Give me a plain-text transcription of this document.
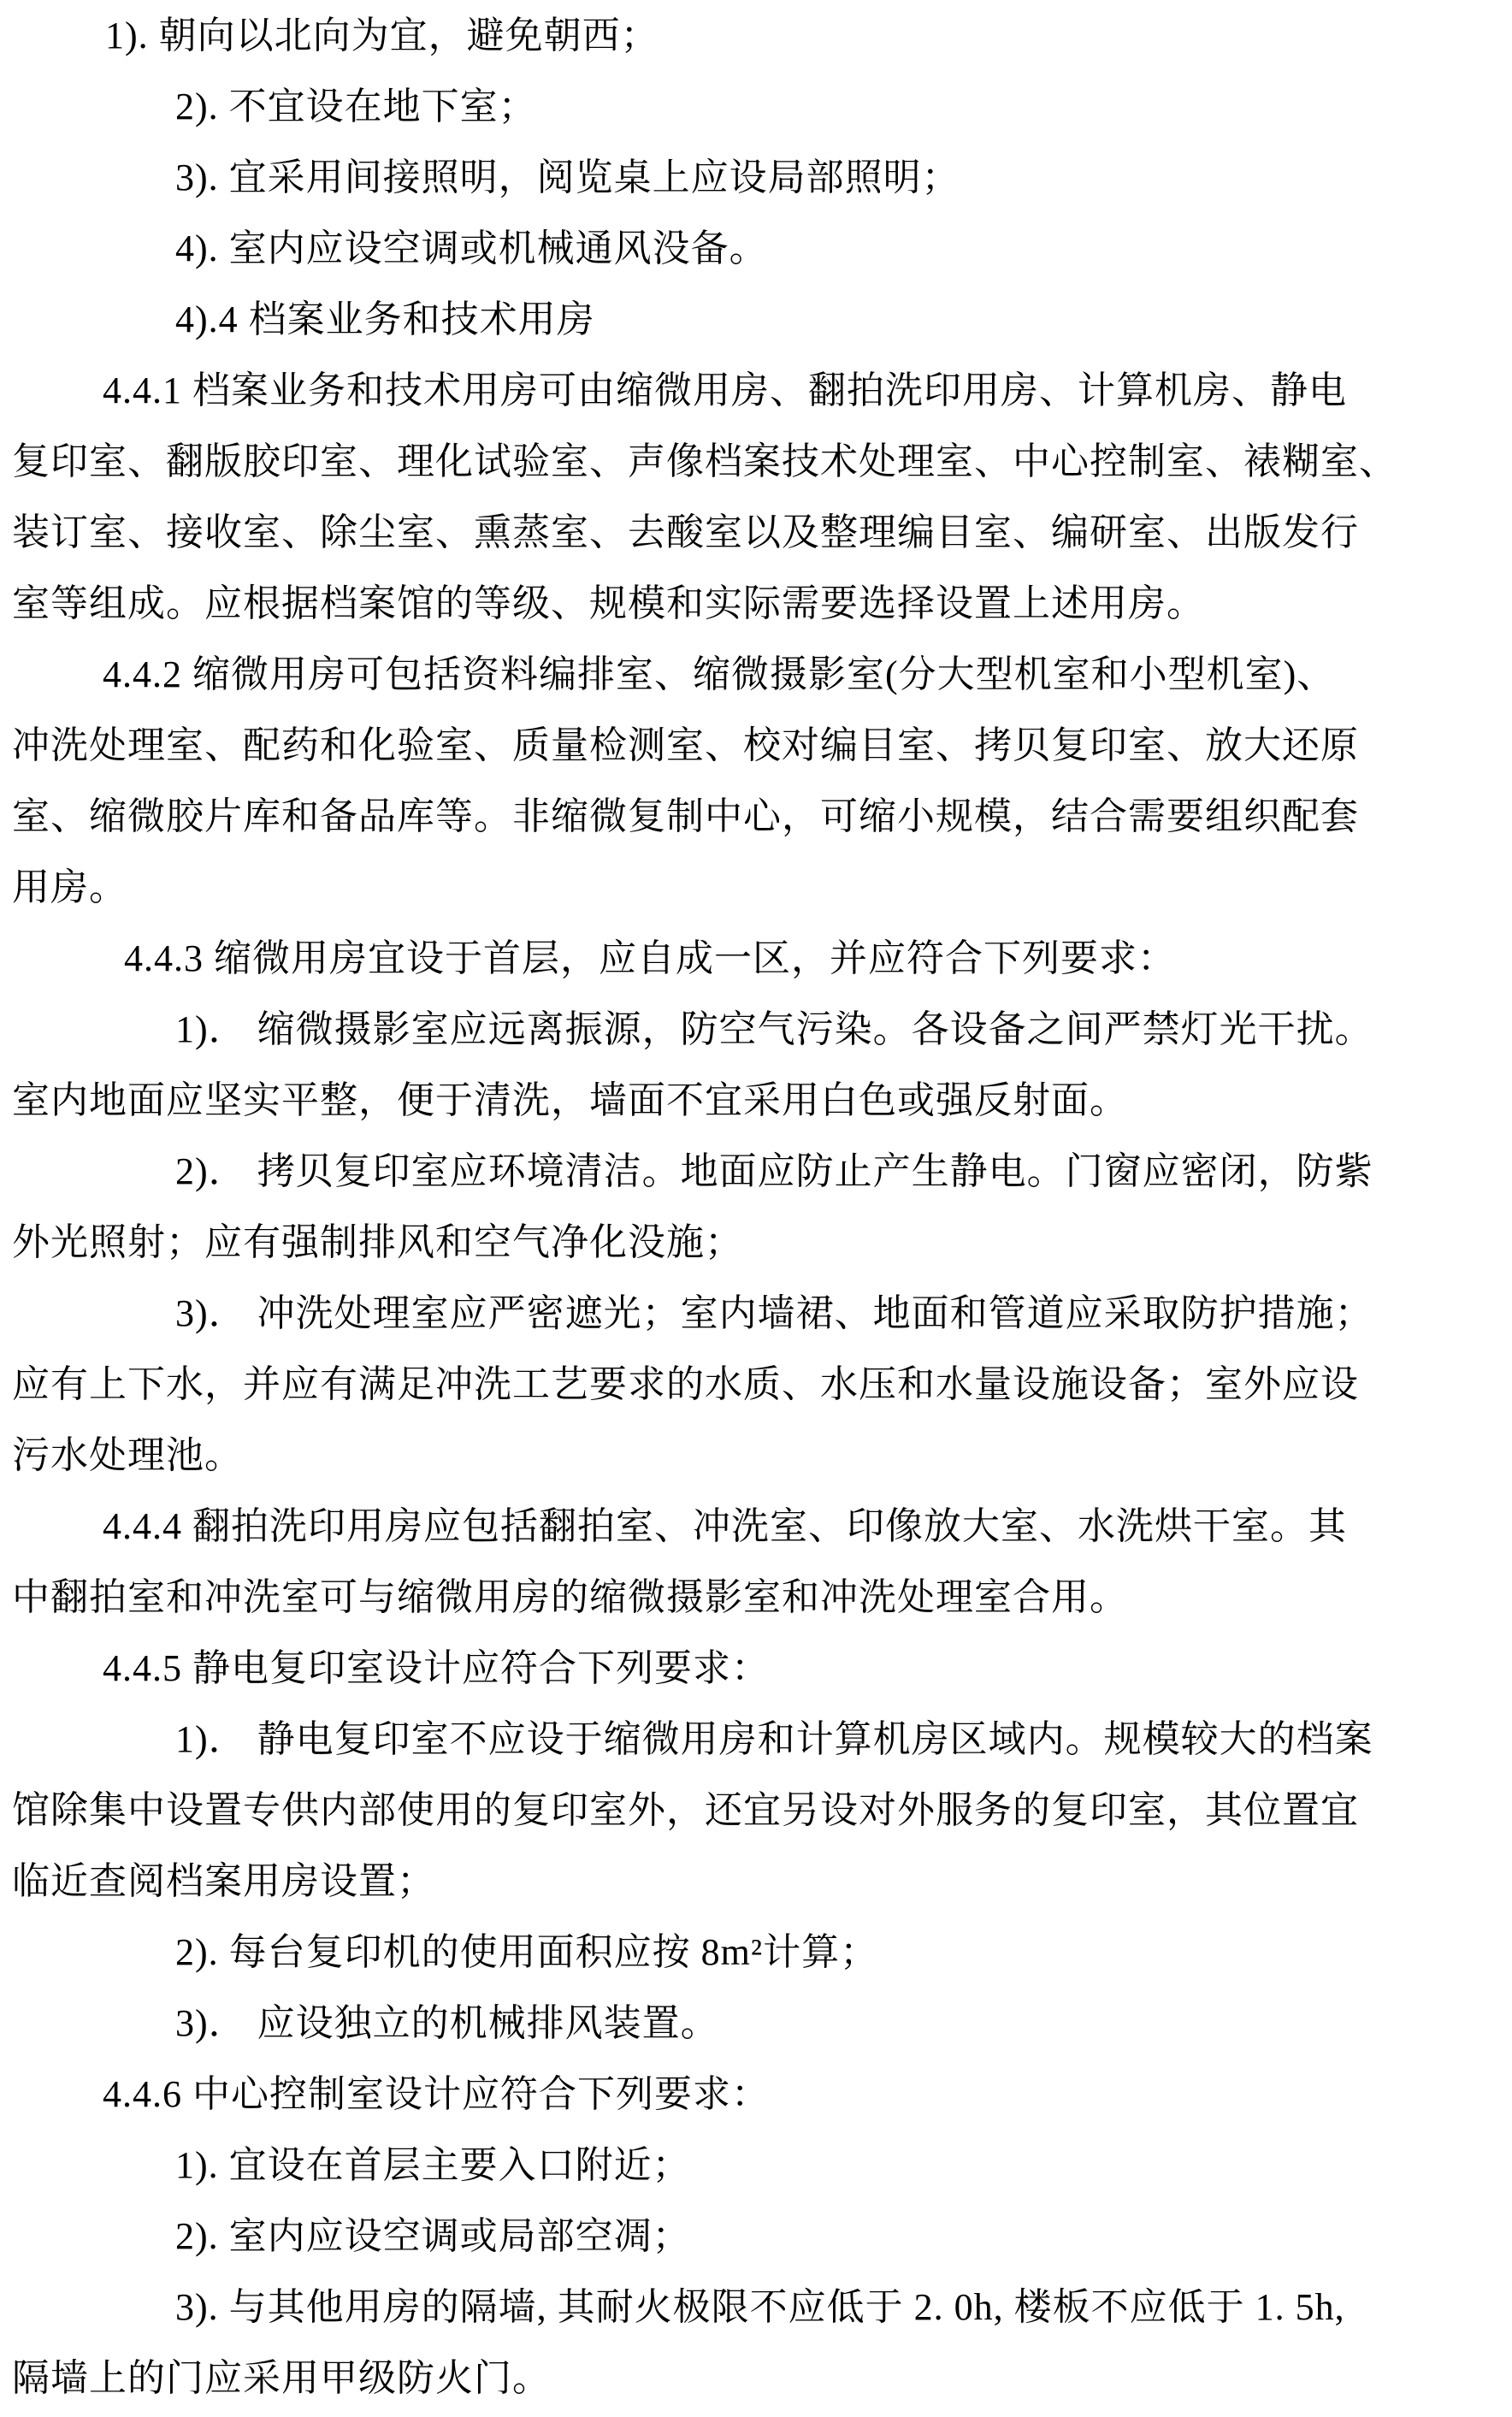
1). 朝向以北向为宜，避免朝西；
2). 不宜设在地下室；
3). 宜采用间接照明，阅览桌上应设局部照明；
4). 室内应设空调或机械通风没备。
4).4 档案业务和技术用房
4.4.1 档案业务和技术用房可由缩微用房、翻拍洗印用房、计算机房、静电
复印室、翻版胶印室、理化试验室、声像档案技术处理室、中心控制室、裱糊室、
装订室、接收室、除尘室、熏蒸室、去酸室以及整理编目室、编研室、出版发行
室等组成。应根据档案馆的等级、规模和实际需要选择设置上述用房。
4.4.2 缩微用房可包括资料编排室、缩微摄影室(分大型机室和小型机室)、
冲洗处理室、配药和化验室、质量检测室、校对编目室、拷贝复印室、放大还原
室、缩微胶片库和备品库等。非缩微复制中心，可缩小规模，结合需要组织配套
用房。
4.4.3 缩微用房宜设于首层，应自成一区，并应符合下列要求：
1)． 缩微摄影室应远离振源，防空气污染。各设备之间严禁灯光干扰。
室内地面应坚实平整，便于清洗，墙面不宜采用白色或强反射面。
2)． 拷贝复印室应环境清洁。地面应防止产生静电。门窗应密闭，防紫
外光照射；应有强制排风和空气净化没施；
3)． 冲洗处理室应严密遮光；室内墙裙、地面和管道应采取防护措施；
应有上下水，并应有满足冲洗工艺要求的水质、水压和水量设施设备；室外应设
污水处理池。
4.4.4 翻拍洗印用房应包括翻拍室、冲洗室、印像放大室、水洗烘干室。其
中翻拍室和冲洗室可与缩微用房的缩微摄影室和冲洗处理室合用。
4.4.5 静电复印室设计应符合下列要求：
1)． 静电复印室不应设于缩微用房和计算机房区域内。规模较大的档案
馆除集中设置专供内部使用的复印室外，还宜另设对外服务的复印室，其位置宜
临近查阅档案用房设置；
2). 每台复印机的使用面积应按 8m²计算；
3)． 应设独立的机械排风装置。
4.4.6 中心控制室设计应符合下列要求：
1). 宜设在首层主要入口附近；
2). 室内应设空调或局部空凋；
3). 与其他用房的隔墙, 其耐火极限不应低于 2. 0h, 楼板不应低于 1. 5h,
隔墙上的门应采用甲级防火门。
